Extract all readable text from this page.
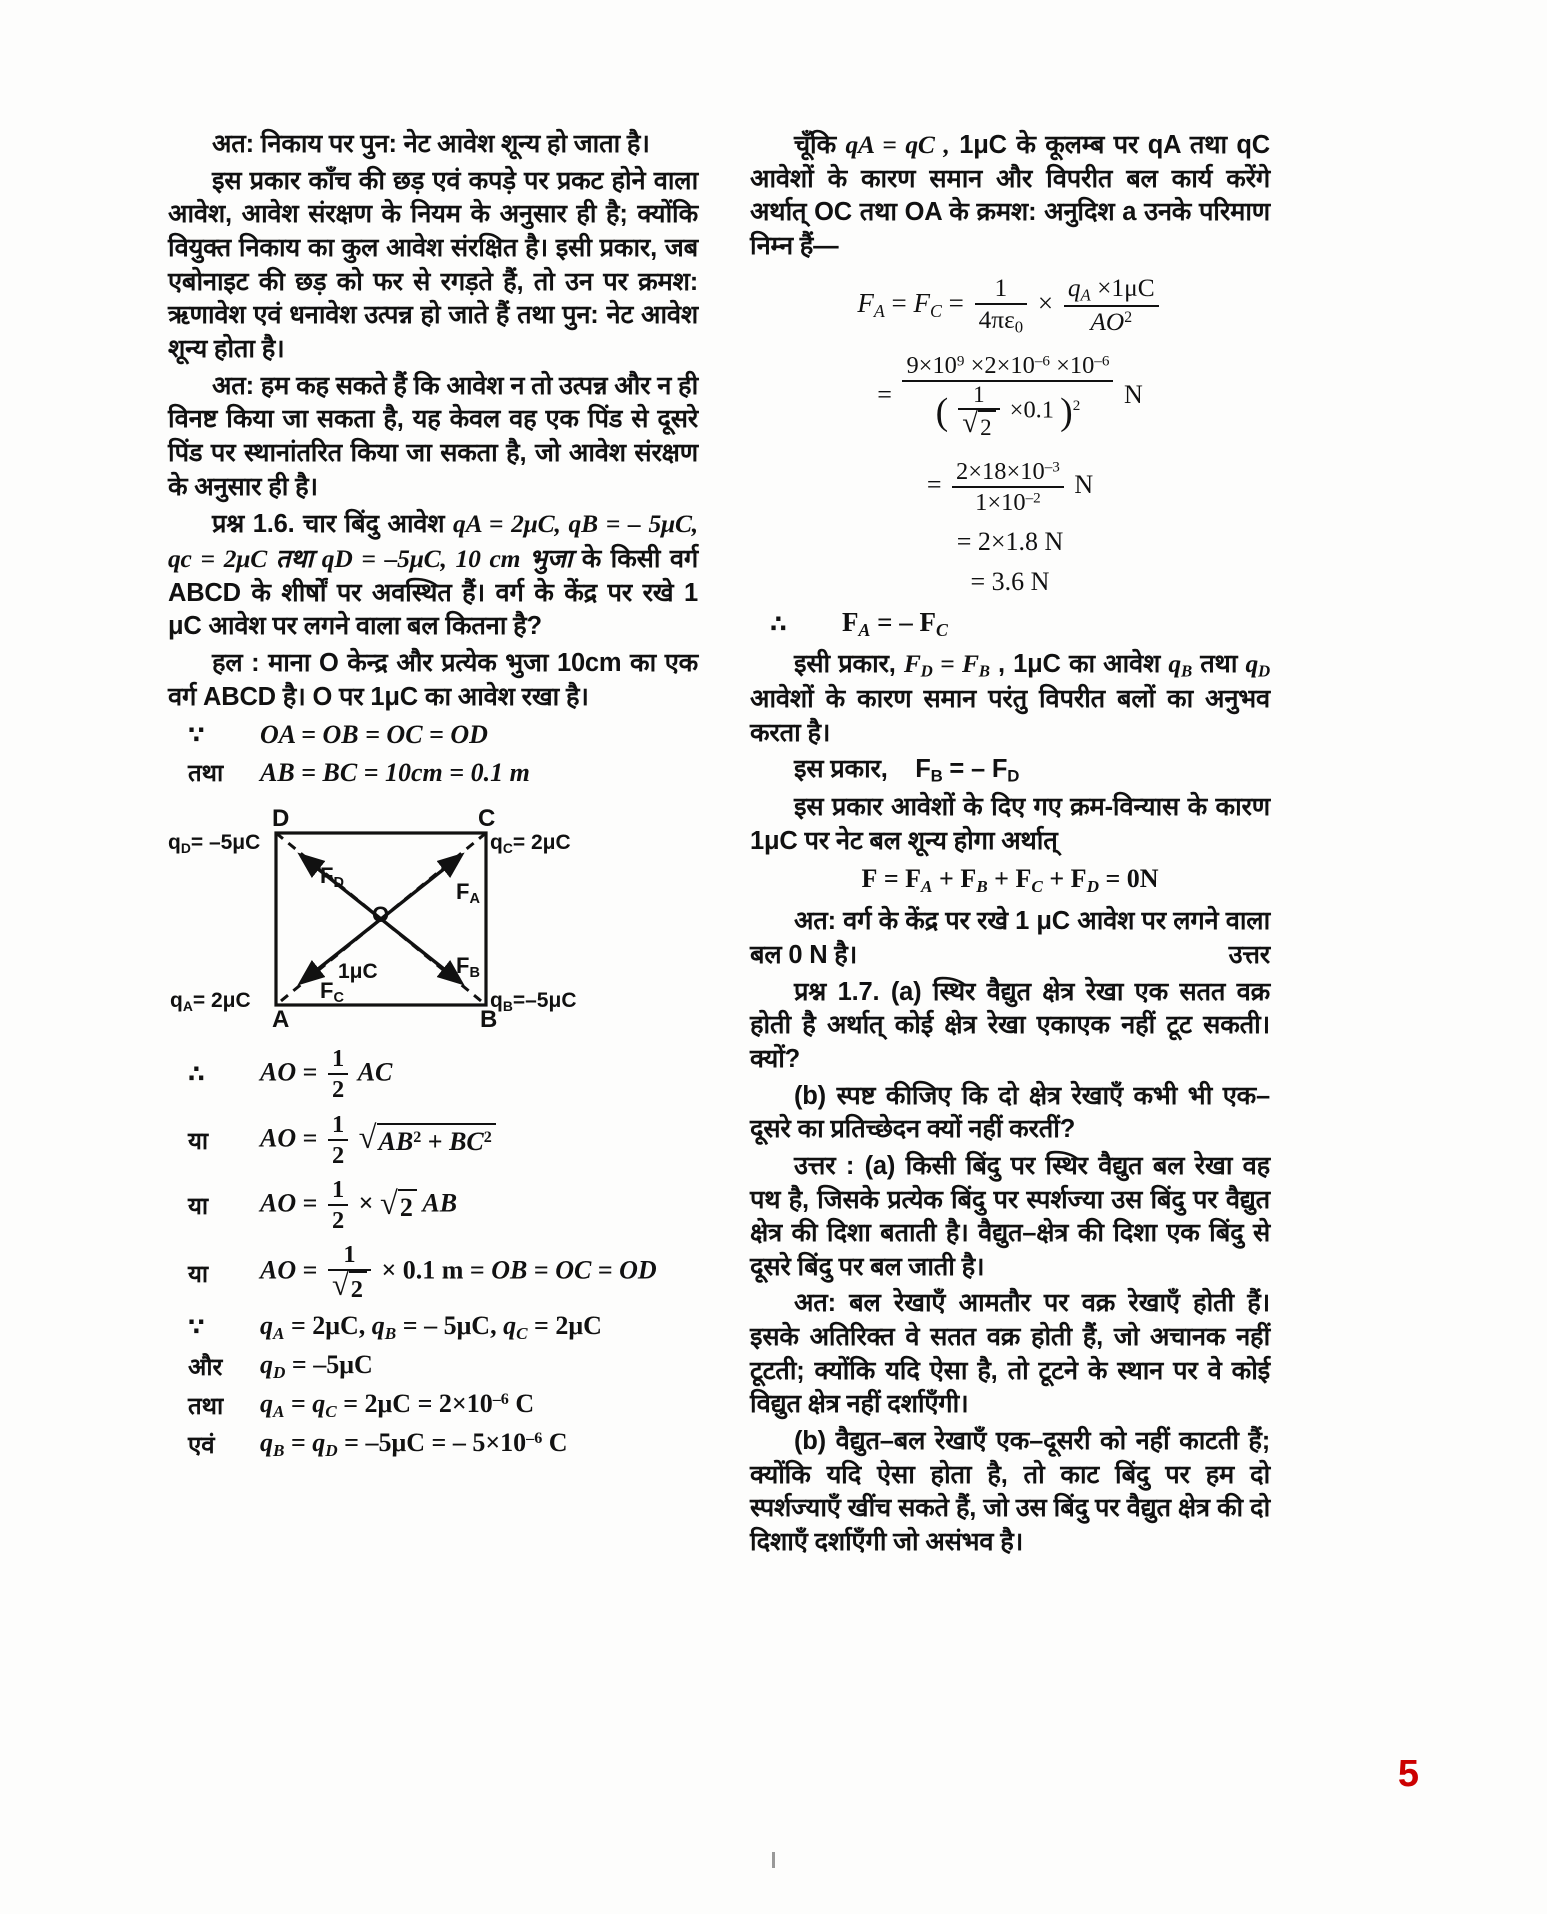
अत: निकाय पर पुन: नेट आवेश शून्य हो जाता है।

इस प्रकार काँच की छड़ एवं कपड़े पर प्रकट होने वाला आवेश, आवेश संरक्षण के नियम के अनुसार ही है; क्योंकि वियुक्त निकाय का कुल आवेश संरक्षित है। इसी प्रकार, जब एबोनाइट की छड़ को फर से रगड़ते हैं, तो उन पर क्रमश: ऋणावेश एवं धनावेश उत्पन्न हो जाते हैं तथा पुन: नेट आवेश शून्य होता है।

अत: हम कह सकते हैं कि आवेश न तो उत्पन्न और न ही विनष्ट किया जा सकता है, यह केवल वह एक पिंड से दूसरे पिंड पर स्थानांतरित किया जा सकता है, जो आवेश संरक्षण के अनुसार ही है।

प्रश्न 1.6. चार बिंदु आवेश qA = 2μC, qB = – 5μC, qc = 2μC तथा qD = –5μC, 10 cm भुजा के किसी वर्ग ABCD के शीर्षों पर अवस्थित हैं। वर्ग के केंद्र पर रखे 1 μC आवेश पर लगने वाला बल कितना है?

हल : माना O केन्द्र और प्रत्येक भुजा 10cm का एक वर्ग ABCD है। O पर 1μC का आवेश रखा है।

∵	OA = OB = OC = OD
तथा	AB = BC = 10cm = 0.1 m
D	C
A	B
O
$q_D= -5\mu C$	$q_C= 2\mu C$
$q_A= 2\mu C$	$q_B=-5\mu C$
1μC
$F_D$	$F_A$
$F_B$
$F_C$
∴	AO = $\frac{1}{2}$ AC
या	AO = $\frac{1}{2}$
√ $AB^2 + BC^2$
या	AO = $\frac{1}{2}$ × √ 2 AB
या	AO = $\frac{1}{√ 2} \times 0.1$ m = OB = OC = OD
∵	$q_A = 2\mu C$, $q_B$ = – 5μC, $q_C = 2\mu C$
और	$q_D = -5\mu C$
तथा	$q_A = q_C = 2\mu C = 2\times 10^{-6}$ C
एवं	$q_B = q_D = -5\mu C$ = – $5\times 10^{-6}$ C

चूँकि qA = qC , 1μC के कूलम्ब पर qA तथा qC आवेशों के कारण समान और विपरीत बल कार्य करेंगे अर्थात् OC तथा OA के क्रमश: अनुदिश a उनके परिमाण निम्न हैं—

$F_A = F_C = \frac{1}{4\pi\varepsilon_0} \times \frac{q_A \times 1\mu C}{AO^2}$
=
$9\times 10^9 \times 2\times 10^{-6} \times 10^{-6}$
( $\frac{1}{√ 2} \times 0.1$ )$^2$	N
= $\frac{2\times 18\times 10^{-3}}{1\times 10^{-2}}$ N
= 2×1.8 N
= 3.6 N
∴	$F_A$ = – $F_C$

इसी प्रकार, $F_D = F_B$ , 1μC का आवेश $q_B$ तथा $q_D$ आवेशों के कारण समान परंतु विपरीत बलों का अनुभव करता है।

इस प्रकार,    $F_B$ = – $F_D$

इस प्रकार आवेशों के दिए गए क्रम-विन्यास के कारण 1μC पर नेट बल शून्य होगा अर्थात्

$F = F_A + F_B + F_C + F_D = 0N$

अत: वर्ग के केंद्र पर रखे 1 μC आवेश पर लगने वाला बल 0 N है।	उत्तर

प्रश्न 1.7. (a) स्थिर वैद्युत क्षेत्र रेखा एक सतत वक्र होती है अर्थात् कोई क्षेत्र रेखा एकाएक नहीं टूट सकती। क्यों?

(b) स्पष्ट कीजिए कि दो क्षेत्र रेखाएँ कभी भी एक–दूसरे का प्रतिच्छेदन क्यों नहीं करतीं?

उत्तर : (a) किसी बिंदु पर स्थिर वैद्युत बल रेखा वह पथ है, जिसके प्रत्येक बिंदु पर स्पर्शज्या उस बिंदु पर वैद्युत क्षेत्र की दिशा बताती है। वैद्युत–क्षेत्र की दिशा एक बिंदु से दूसरे बिंदु पर बल जाती है।

अत: बल रेखाएँ आमतौर पर वक्र रेखाएँ होती हैं। इसके अतिरिक्त वे सतत वक्र होती हैं, जो अचानक नहीं टूटती; क्योंकि यदि ऐसा है, तो टूटने के स्थान पर वे कोई विद्युत क्षेत्र नहीं दर्शाएँगी।

(b) वैद्युत–बल रेखाएँ एक–दूसरी को नहीं काटती हैं; क्योंकि यदि ऐसा होता है, तो काट बिंदु पर हम दो स्पर्शज्याएँ खींच सकते हैं, जो उस बिंदु पर वैद्युत क्षेत्र की दो दिशाएँ दर्शाएँगी जो असंभव है।

5
